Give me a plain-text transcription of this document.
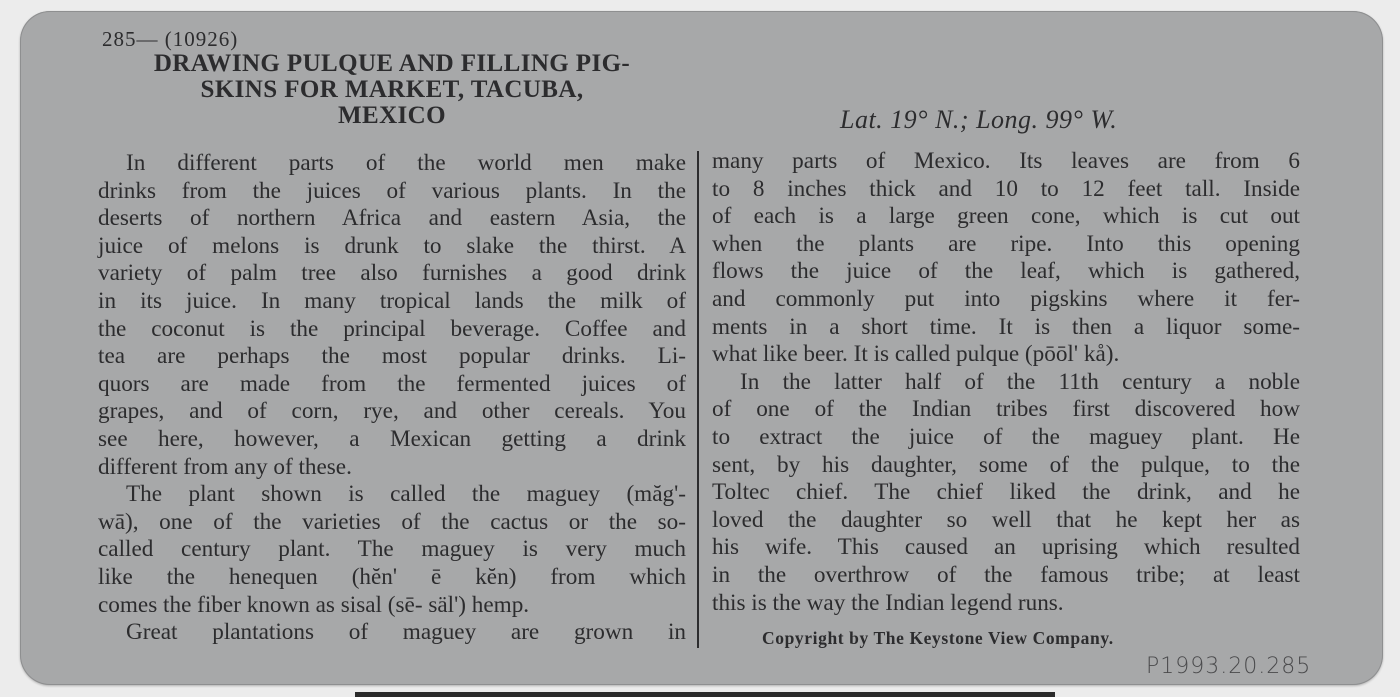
285— (10926)
DRAWING PULQUE AND FILLING PIG-
SKINS FOR MARKET, TACUBA,
MEXICO	Lat. 19° N.; Long. 99° W.
In different parts of the world men make
drinks from the juices of various plants. In the
deserts of northern Africa and eastern Asia, the
juice of melons is drunk to slake the thirst. A
variety of palm tree also furnishes a good drink
in its juice. In many tropical lands the milk of
the coconut is the principal beverage. Coffee and
tea are perhaps the most popular drinks. Li-
quors are made from the fermented juices of
grapes, and of corn, rye, and other cereals. You
see here, however, a Mexican getting a drink
different from any of these.
The plant shown is called the maguey (măg'-
wā), one of the varieties of the cactus or the so-
called century plant. The maguey is very much
like the henequen (hĕn' ē kĕn) from which
comes the fiber known as sisal (sē- säl') hemp.
Great plantations of maguey are grown in
many parts of Mexico. Its leaves are from 6
to 8 inches thick and 10 to 12 feet tall. Inside
of each is a large green cone, which is cut out
when the plants are ripe. Into this opening
flows the juice of the leaf, which is gathered,
and commonly put into pigskins where it fer-
ments in a short time. It is then a liquor some-
what like beer. It is called pulque (pōōl' kå).
In the latter half of the 11th century a noble
of one of the Indian tribes first discovered how
to extract the juice of the maguey plant. He
sent, by his daughter, some of the pulque, to the
Toltec chief. The chief liked the drink, and he
loved the daughter so well that he kept her as
his wife. This caused an uprising which resulted
in the overthrow of the famous tribe; at least
this is the way the Indian legend runs.
Copyright by The Keystone View Company.
P1993.20.285
